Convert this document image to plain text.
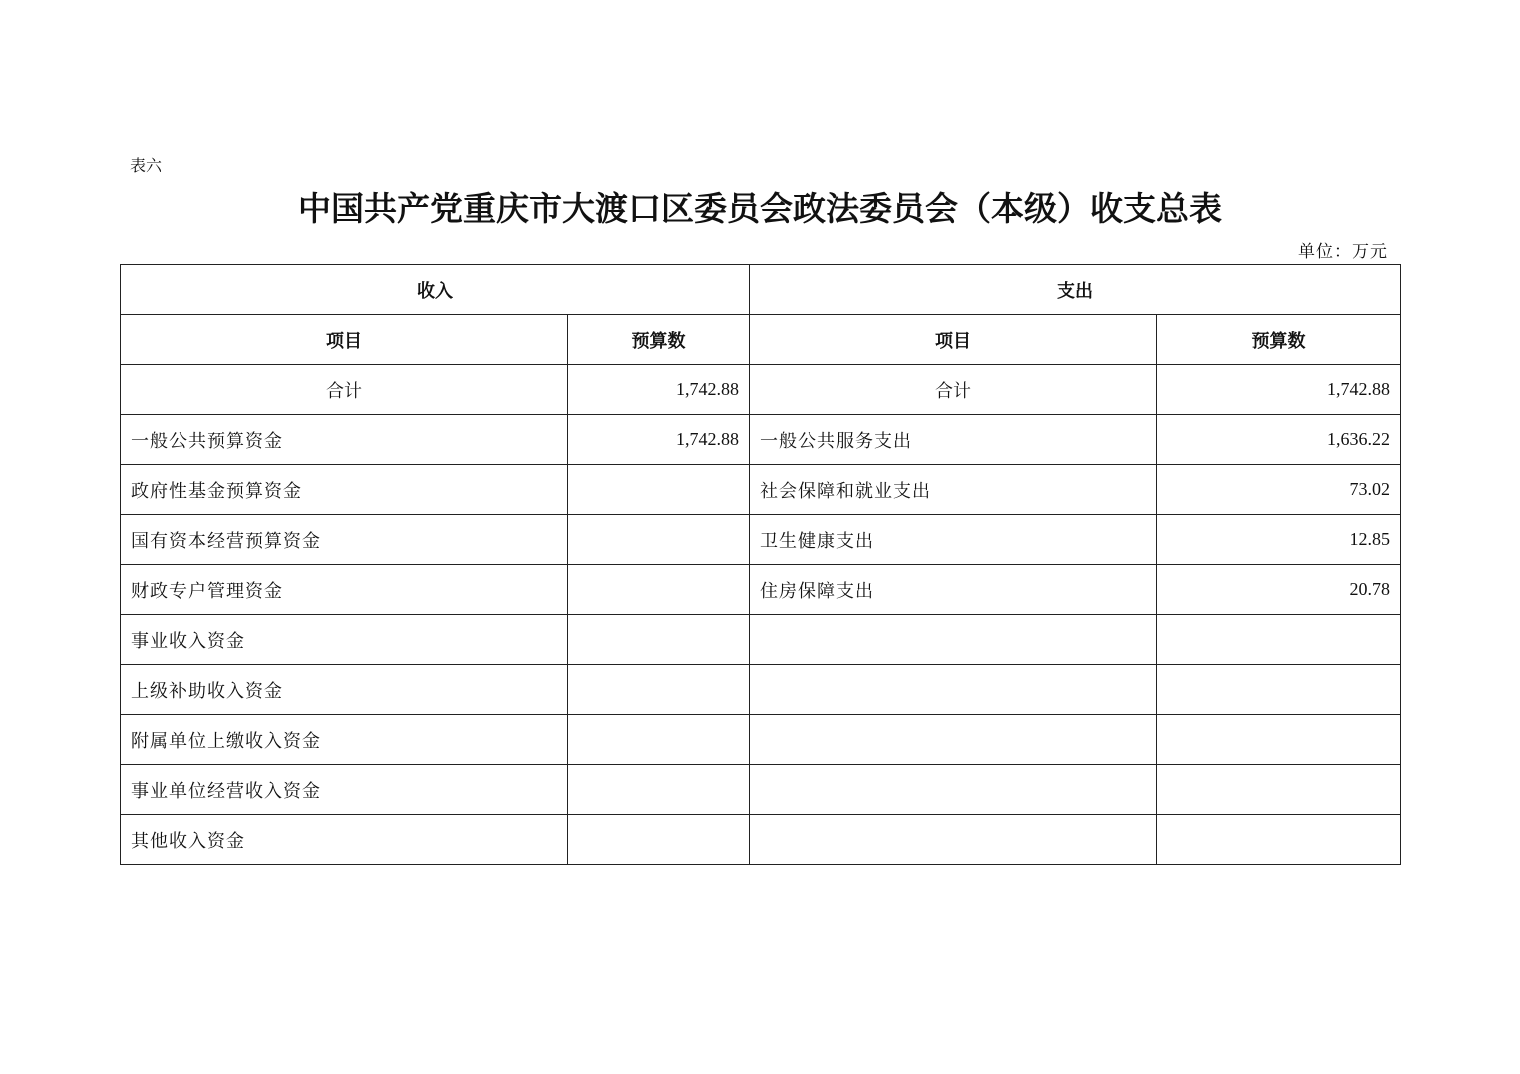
表六
中国共产党重庆市大渡口区委员会政法委员会（本级）收支总表
单位：万元
收入		支出	
项目	预算数	项目	预算数
合计	1,742.88	合计	1,742.88
一般公共预算资金	1,742.88	一般公共服务支出	1,636.22
政府性基金预算资金		社会保障和就业支出	73.02
国有资本经营预算资金		卫生健康支出	12.85
财政专户管理资金		住房保障支出	20.78
事业收入资金			
上级补助收入资金			
附属单位上缴收入资金			
事业单位经营收入资金			
其他收入资金			
